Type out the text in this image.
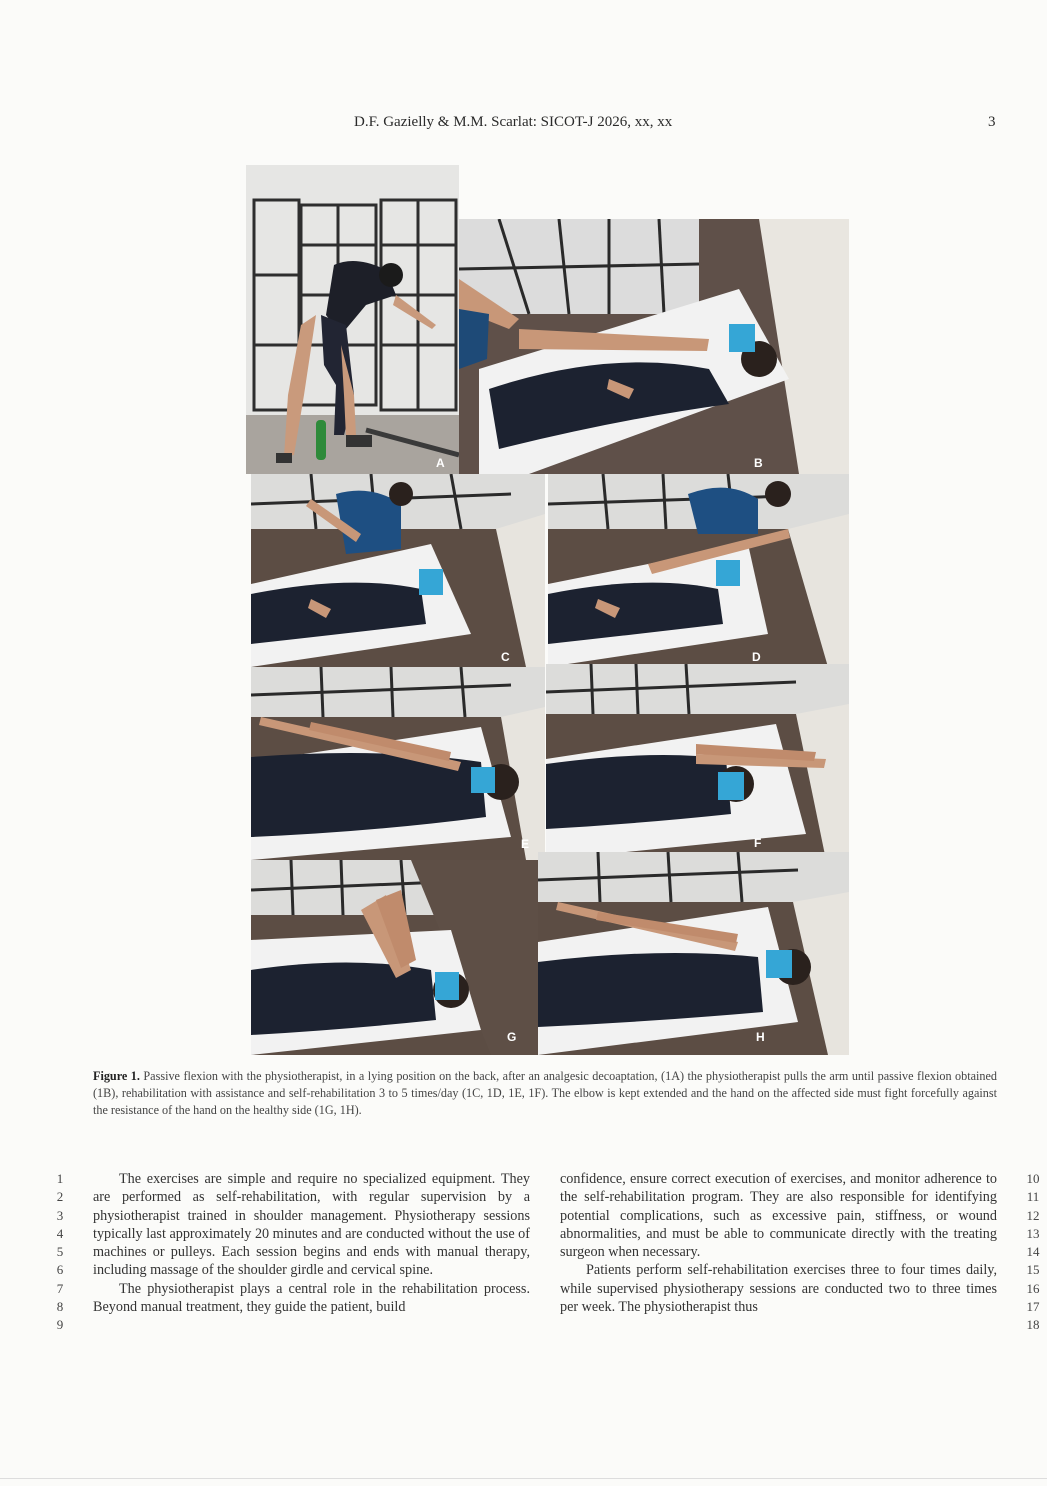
D.F. Gazielly & M.M. Scarlat: SICOT-J 2026, xx, xx	3
A	B
C	D
E	F
G	H
Figure 1. Passive flexion with the physiotherapist, in a lying position on the back, after an analgesic decoaptation, (1A) the physiotherapist pulls the arm until passive flexion obtained (1B), rehabilitation with assistance and self-rehabilitation 3 to 5 times/day (1C, 1D, 1E, 1F). The elbow is kept extended and the hand on the affected side must fight forcefully against the resistance of the hand on the healthy side (1G, 1H).
1
2
3
4
5
6
7
8
9

The exercises are simple and require no specialized equipment. They are performed as self-rehabilitation, with regular supervision by a physiotherapist trained in shoulder management. Physiotherapy sessions typically last approximately 20 minutes and are conducted without the use of machines or pulleys. Each session begins and ends with manual therapy, including massage of the shoulder girdle and cervical spine.

The physiotherapist plays a central role in the rehabilitation process. Beyond manual treatment, they guide the patient, build

confidence, ensure correct execution of exercises, and monitor adherence to the self-rehabilitation program. They are also responsible for identifying potential complications, such as excessive pain, stiffness, or wound abnormalities, and must be able to communicate directly with the treating surgeon when necessary.

Patients perform self-rehabilitation exercises three to four times daily, while supervised physiotherapy sessions are conducted two to three times per week. The physiotherapist thus

10
11
12
13
14
15
16
17
18
